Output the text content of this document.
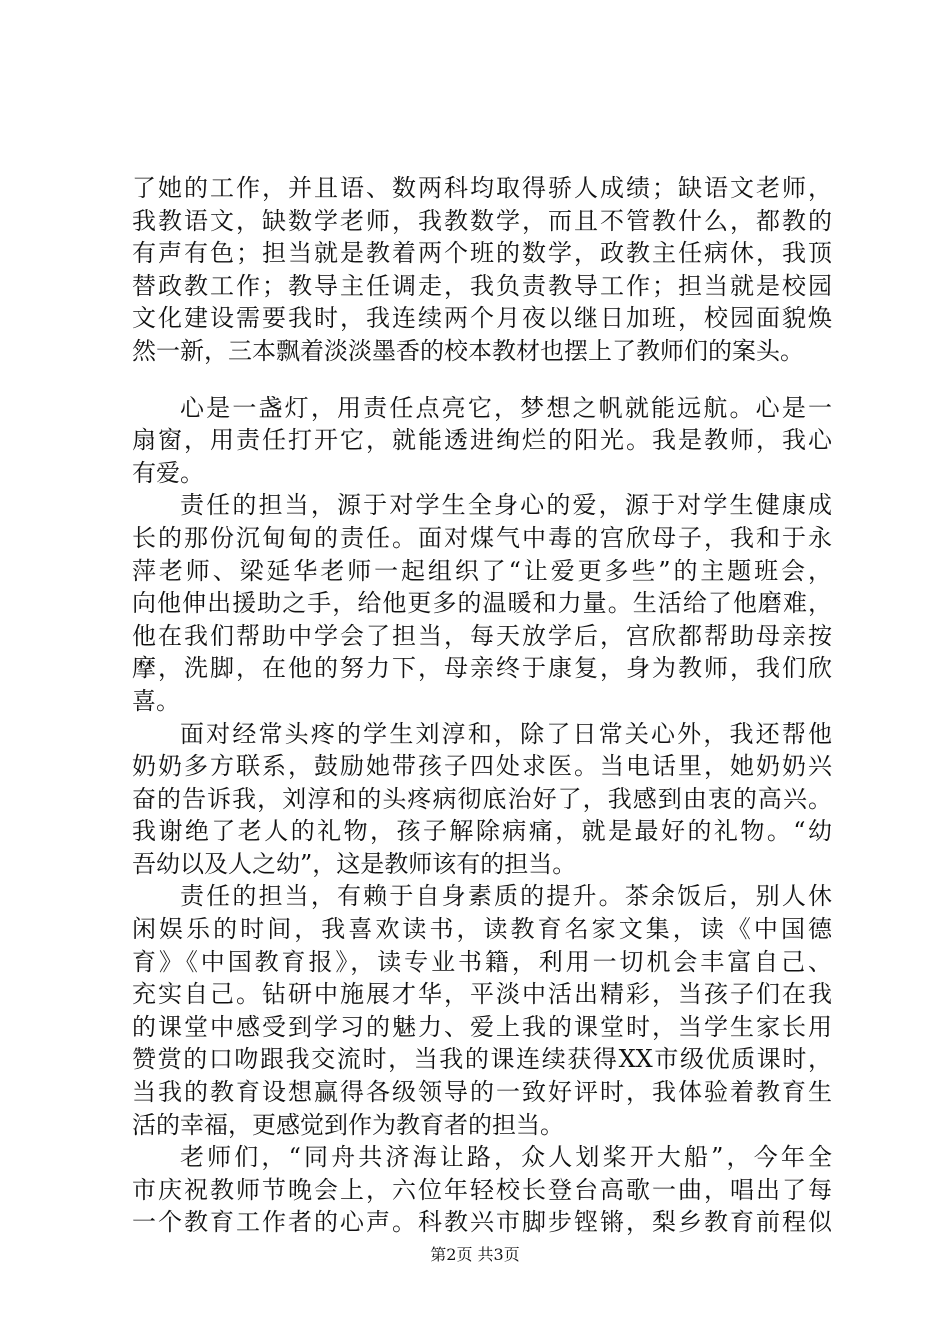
了她的工作，并且语、数两科均取得骄人成绩；缺语文老师，
我教语文，缺数学老师，我教数学，而且不管教什么，都教的
有声有色；担当就是教着两个班的数学，政教主任病休，我顶
替政教工作；教导主任调走，我负责教导工作；担当就是校园
文化建设需要我时，我连续两个月夜以继日加班，校园面貌焕
然一新，三本飘着淡淡墨香的校本教材也摆上了教师们的案头。
心是一盏灯，用责任点亮它，梦想之帆就能远航。心是一
扇窗，用责任打开它，就能透进绚烂的阳光。我是教师，我心
有爱。
责任的担当，源于对学生全身心的爱，源于对学生健康成
长的那份沉甸甸的责任。面对煤气中毒的宫欣母子，我和于永
萍老师、梁延华老师一起组织了“让爱更多些”的主题班会，
向他伸出援助之手，给他更多的温暖和力量。生活给了他磨难，
他在我们帮助中学会了担当，每天放学后，宫欣都帮助母亲按
摩，洗脚，在他的努力下，母亲终于康复，身为教师，我们欣
喜。
面对经常头疼的学生刘淳和，除了日常关心外，我还帮他
奶奶多方联系，鼓励她带孩子四处求医。当电话里，她奶奶兴
奋的告诉我，刘淳和的头疼病彻底治好了，我感到由衷的高兴。
我谢绝了老人的礼物，孩子解除病痛，就是最好的礼物。“幼
吾幼以及人之幼”，这是教师该有的担当。
责任的担当，有赖于自身素质的提升。茶余饭后，别人休
闲娱乐的时间，我喜欢读书，读教育名家文集，读《中国德
育》《中国教育报》，读专业书籍，利用一切机会丰富自己、
充实自己。钻研中施展才华，平淡中活出精彩，当孩子们在我
的课堂中感受到学习的魅力、爱上我的课堂时，当学生家长用
赞赏的口吻跟我交流时，当我的课连续获得XX市级优质课时，
当我的教育设想赢得各级领导的一致好评时，我体验着教育生
活的幸福，更感觉到作为教育者的担当。
老师们，“同舟共济海让路，众人划桨开大船”，今年全
市庆祝教师节晚会上，六位年轻校长登台高歌一曲，唱出了每
一个教育工作者的心声。科教兴市脚步铿锵，梨乡教育前程似
第2页 共3页
